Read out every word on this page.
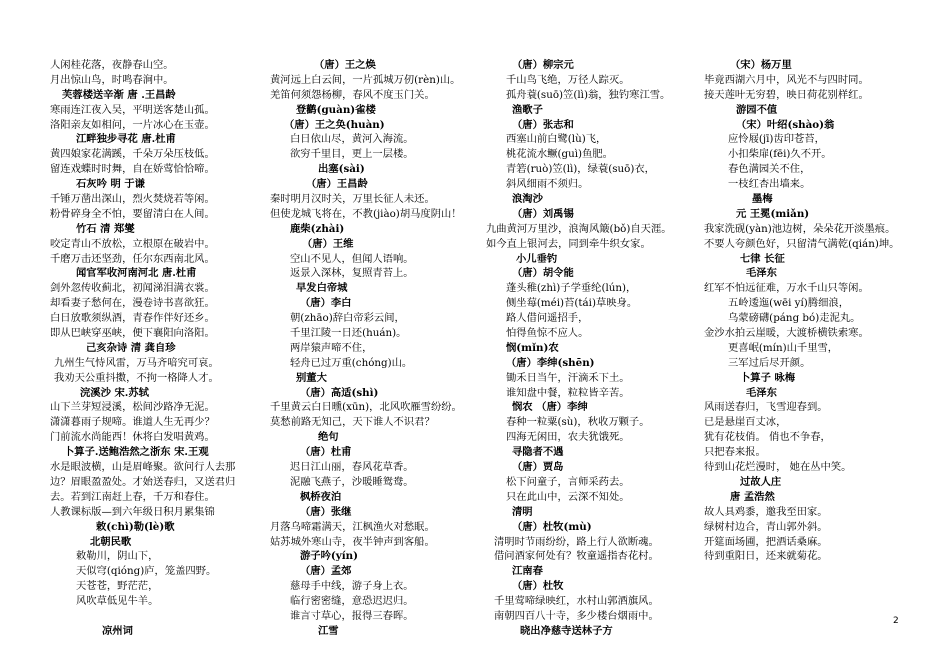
人闲桂花落，夜静春山空。
月出惊山鸟，时鸣春涧中。
芙蓉楼送辛渐 唐 .王昌龄
寒雨连江夜入吴，平明送客楚山孤。
洛阳亲友如相问，一片冰心在玉壶。
江畔独步寻花 唐.杜甫
黄四娘家花满蹊，千朵万朵压枝低。
留连戏蝶时时舞，自在娇莺恰恰啼。
石灰吟 明 于谦
千锤万凿出深山，烈火焚烧若等闲。
粉骨碎身全不怕，要留清白在人间。
竹石 清 郑燮
咬定青山不放松，立根原在破岩中。
千磨万击还坚劲，任尔东西南北风。
闻官军收河南河北 唐.杜甫
剑外忽传收蓟北，初闻涕泪满衣裳。
却看妻子愁何在，漫卷诗书喜欲狂。
白日放歌须纵酒，青春作伴好还乡。
即从巴峡穿巫峡，便下襄阳向洛阳。
己亥杂诗 清 龚自珍
九州生气恃风雷，万马齐喑究可哀。
我劝天公重抖擞，不拘一格降人才。
浣溪沙 宋.苏轼
山下兰芽短浸溪，松间沙路净无泥。
潇潇暮雨子规啼。谁道人生无再少？
门前流水尚能西！休将白发唱黄鸡。
卜算子.送鲍浩然之浙东 宋.王观
水是眼波横，山是眉峰聚。欲问行人去那
边？眉眼盈盈处。才始送春归，又送君归
去。若到江南赶上春，千万和春住。
人教课标版—到六年级日积月累集锦
敕(chì)勒(lè)歌
北朝民歌
敕勒川，阴山下，
天似穹(qióng)庐，笼盖四野。
天苍苍，野茫茫，
风吹草低见牛羊。
凉州词
（唐）王之焕
黄河远上白云间，一片孤城万仞(rèn)山。
羌笛何须怨杨柳，春风不度玉门关。
登鹳(guàn)雀楼
（唐）王之奂(huàn)
白日依山尽，黄河入海流。
欲穷千里目，更上一层楼。
出塞(sài)
（唐）王昌龄
秦时明月汉时关，万里长征人未还。
但使龙城飞将在，不教(jiào)胡马度阴山！
鹿柴(zhài)
（唐）王维
空山不见人，但闻人语响。
返景入深林，复照青苔上。
早发白帝城
（唐）李白
朝(zhāo)辞白帝彩云间，
千里江陵一日还(huán)。
两岸猿声啼不住，
轻舟已过万重(chóng)山。
别董大
（唐）高适(shì)
千里黄云白日曛(xūn)，北风吹雁雪纷纷。
莫愁前路无知己，天下谁人不识君？
绝句
（唐）杜甫
迟日江山丽，春风花草香。
泥融飞燕子，沙暖睡鸳鸯。
枫桥夜泊
（唐）张继
月落乌啼霜满天，江枫渔火对愁眠。
姑苏城外寒山寺，夜半钟声到客船。
游子吟(yín)
（唐）孟郊
慈母手中线，游子身上衣。
临行密密缝，意恐迟迟归。
谁言寸草心，报得三春晖。
江雪
（唐）柳宗元
千山鸟飞绝，万径人踪灭。
孤舟蓑(suō)笠(lì)翁，独钓寒江雪。
渔歌子
（唐）张志和
西塞山前白鹭(lù)飞，
桃花流水鳜(guì)鱼肥。
青箬(ruò)笠(lì)，绿蓑(suō)衣，
斜风细雨不须归。
浪淘沙
（唐）刘禹锡
九曲黄河万里沙，浪淘风簸(bǒ)自天涯。
如今直上银河去，同到牵牛织女家。
小儿垂钓
（唐）胡令能
蓬头稚(zhì)子学垂纶(lún)，
侧坐莓(méi)苔(tái)草映身。
路人借问遥招手，
怕得鱼惊不应人。
悯(mǐn)农
（唐）李绅(shēn)
锄禾日当午，汗滴禾下土。
谁知盘中餐，粒粒皆辛苦。
悯农 （唐）李绅
春种一粒粟(sù)，秋收万颗子。
四海无闲田，农夫犹饿死。
寻隐者不遇
（唐）贾岛
松下问童子，言师采药去。
只在此山中，云深不知处。
清明
（唐）杜牧(mù)
清明时节雨纷纷，路上行人欲断魂。
借问酒家何处有？牧童遥指杏花村。
江南春
（唐）杜牧
千里莺啼绿映红，水村山郭酒旗风。
南朝四百八十寺，多少楼台烟雨中。
晓出净慈寺送林子方
（宋）杨万里
毕竟西湖六月中，风光不与四时同。
接天莲叶无穷碧，映日荷花别样红。
游园不值
（宋）叶绍(shào)翁
应怜屐(jī)齿印苍苔，
小扣柴扉(fēi)久不开。
春色满园关不住，
一枝红杏出墙来。
墨梅
元 王冕(miǎn)
我家洗砚(yàn)池边树，朵朵花开淡墨痕。
不要人夸颜色好，只留清气满乾(qián)坤。
七律 长征
毛泽东
红军不怕远征难，万水千山只等闲。
五岭逶迤(wēi yí)腾细浪，
乌蒙磅礴(páng bó)走泥丸。
金沙水拍云崖暖，大渡桥横铁索寒。
更喜岷(mín)山千里雪，
三军过后尽开颜。
卜算子 咏梅
毛泽东
风雨送春归，飞雪迎春到。
已是悬崖百丈冰，
犹有花枝俏。 俏也不争春，
只把春来报。
待到山花烂漫时， 她在丛中笑。
过故人庄
唐 孟浩然
故人具鸡黍，邀我至田家。
绿树村边合，青山郭外斜。
开筵面场圃，把酒话桑麻。
待到重阳日，还来就菊花。
2
